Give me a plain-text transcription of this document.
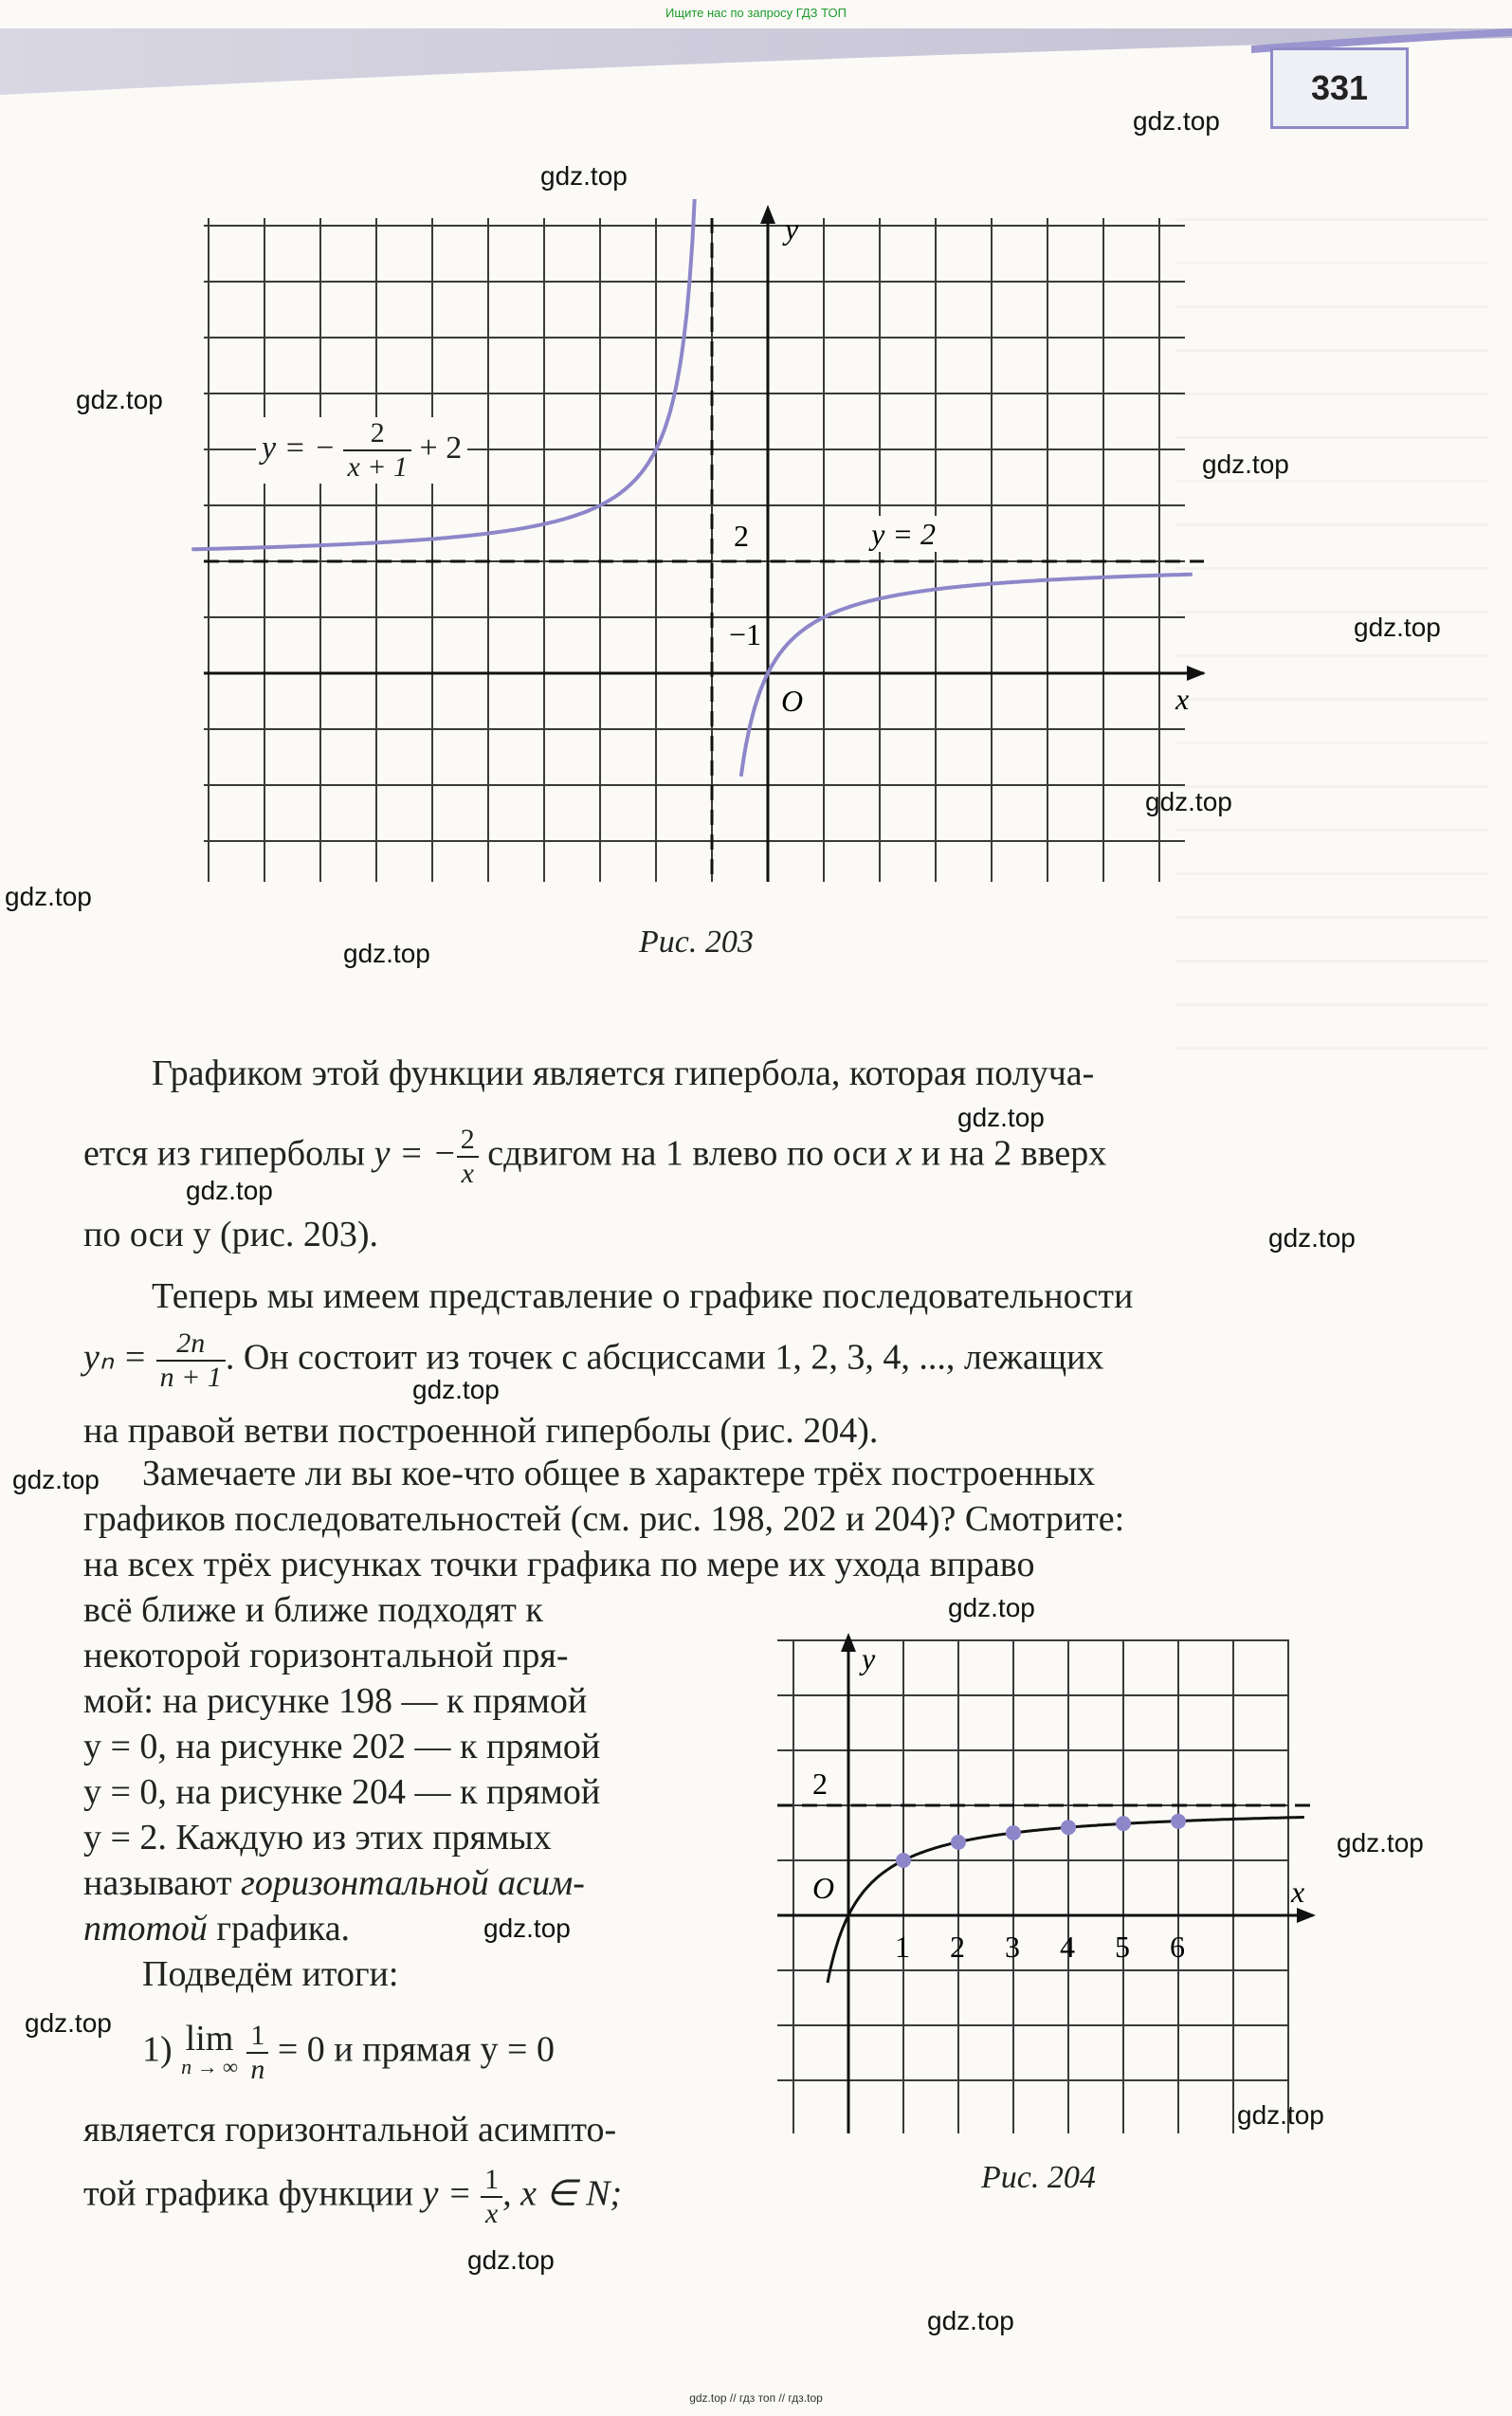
Ищите нас по запросу ГДЗ ТОП
gdz.top // гдз топ // гдз.top
331
y
x
O
2
−1
y = 2
y = − $\frac{2}{x + 1} + 2$
Рис. 203
Графиком этой функции является гипербола, которая получа-
ется из гиперболы y = − $\frac{2}{x}$ сдвигом на 1 влево по оси x и на 2 вверх
по оси y (рис. 203).
Теперь мы имеем представление о графике последовательности
$y_n = \frac{2n}{n + 1}$ . Он состоит из точек с абсциссами 1, 2, 3, 4, ..., лежащих
на правой ветви построенной гиперболы (рис. 204).
Замечаете ли вы кое-что общее в характере трёх построенных
графиков последовательностей (см. рис. 198, 202 и 204)? Смотрите:
на всех трёх рисунках точки графика по мере их ухода вправо
всё ближе и ближе подходят к
некоторой горизонтальной пря-
мой: на рисунке 198 — к прямой
y = 0, на рисунке 202 — к прямой
y = 0, на рисунке 204 — к прямой
y = 2. Каждую из этих прямых
называют горизонтальной асим-
птотой графика.
Подведём итоги:
1) lim
n → ∞
$\frac{1}{n} = 0$ и прямая y = 0
является горизонтальной асимпто-
той графика функции $y = \frac{1}{x}$ , x ∈ N;
1 2 3 4 5 6
y
x
O
2
Рис. 204
gdz.top
gdz.top
gdz.top
gdz.top
gdz.top
gdz.top
gdz.top
gdz.top
gdz.top
gdz.top
gdz.top
gdz.top
gdz.top
gdz.top
gdz.top
gdz.top
gdz.top
gdz.top
gdz.top
gdz.top
